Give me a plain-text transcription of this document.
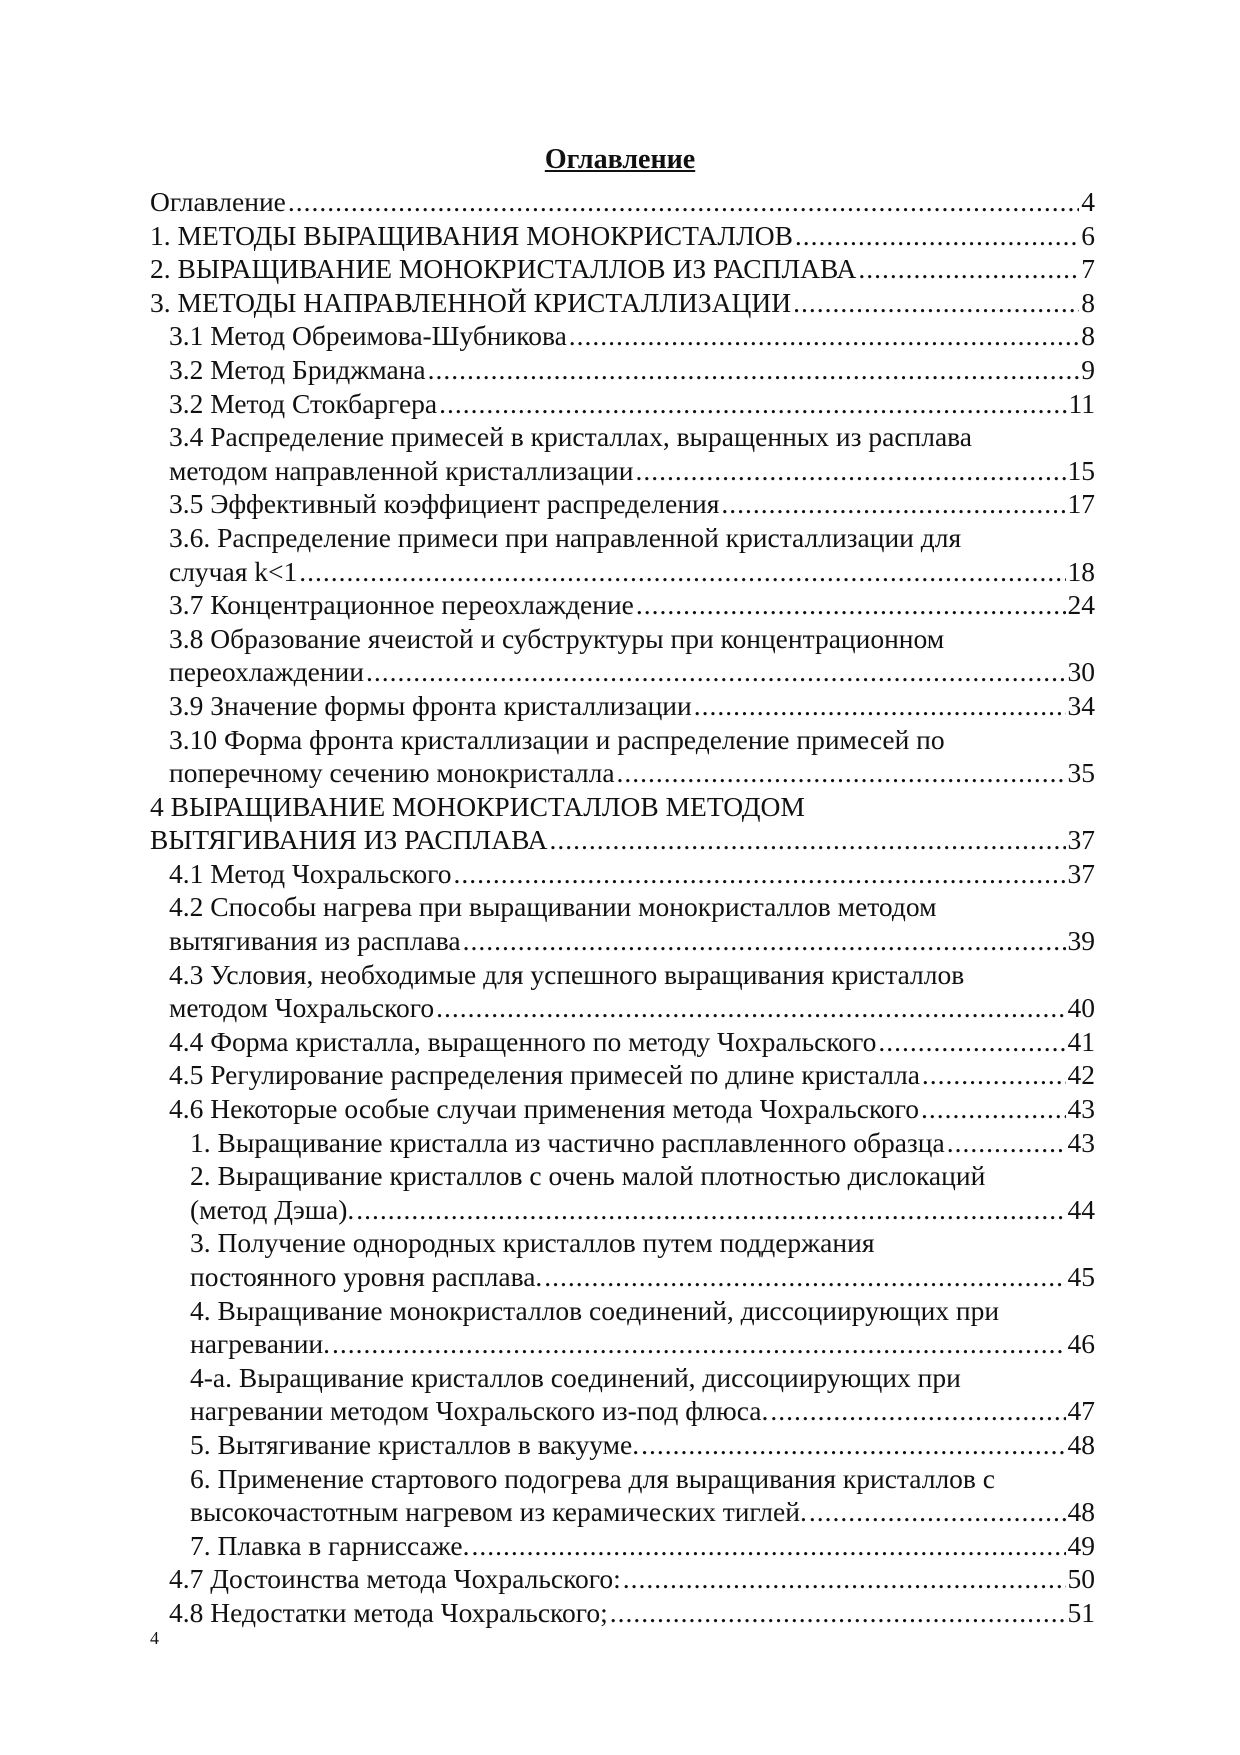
Оглавление
Оглавление .....	4
1. МЕТОДЫ ВЫРАЩИВАНИЯ МОНОКРИСТАЛЛОВ .....	6
2. ВЫРАЩИВАНИЕ МОНОКРИСТАЛЛОВ ИЗ РАСПЛАВА .....	7
3. МЕТОДЫ НАПРАВЛЕННОЙ КРИСТАЛЛИЗАЦИИ .....	8
3.1 Метод Обреимова-Шубникова .....	8
3.2 Метод Бриджмана .....	9
3.2 Метод Стокбаргера .....	11
3.4 Распределение примесей в кристаллах, выращенных из расплава
методом направленной кристаллизации .....	15
3.5 Эффективный коэффициент распределения .....	17
3.6. Распределение примеси при направленной кристаллизации для
случая k<1 .....	18
3.7 Концентрационное переохлаждение .....	24
3.8 Образование ячеистой и субструктуры при концентрационном
переохлаждении .....	30
3.9 Значение формы фронта кристаллизации .....	34
3.10 Форма фронта кристаллизации и распределение примесей по
поперечному сечению монокристалла .....	35
4 ВЫРАЩИВАНИЕ МОНОКРИСТАЛЛОВ МЕТОДОМ
ВЫТЯГИВАНИЯ ИЗ РАСПЛАВА .....	37
4.1 Метод Чохральского .....	37
4.2 Способы нагрева при выращивании монокристаллов методом
вытягивания из расплава .....	39
4.3 Условия, необходимые для успешного выращивания кристаллов
методом Чохральского .....	40
4.4 Форма кристалла, выращенного по методу Чохральского .....	41
4.5 Регулирование распределения примесей по длине кристалла .....	42
4.6 Некоторые особые случаи применения метода Чохральского .....	43
1. Выращивание кристалла из частично расплавленного образца .....	43
2. Выращивание кристаллов с очень малой плотностью дислокаций
(метод Дэша). .....	44
3. Получение однородных кристаллов путем поддержания
постоянного уровня расплава. .....	45
4. Выращивание монокристаллов соединений, диссоциирующих при
нагревании. .....	46
4-а. Выращивание кристаллов соединений, диссоциирующих при
нагревании методом Чохральского из-под флюса. .....	47
5. Вытягивание кристаллов в вакууме. .....	48
6. Применение стартового подогрева для выращивания кристаллов с
высокочастотным нагревом из керамических тиглей. .....	48
7. Плавка в гарниссаже. .....	49
4.7 Достоинства метода Чохральского: .....	50
4.8 Недостатки метода Чохральского; .....	51
4
